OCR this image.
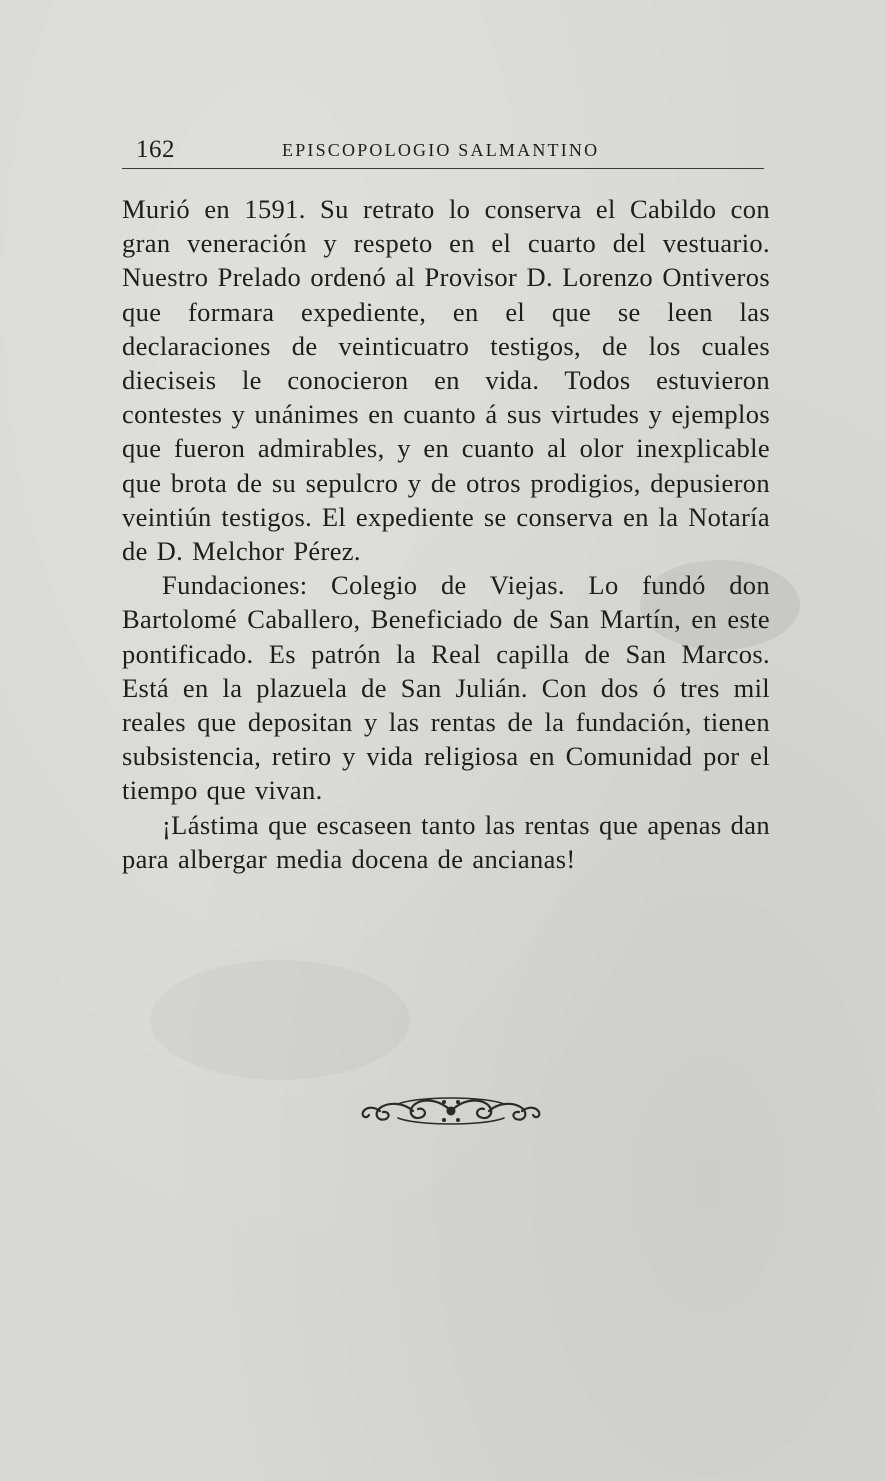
162	EPISCOPOLOGIO SALMANTINO

Murió en 1591. Su retrato lo conserva el Cabildo con gran veneración y respeto en el cuarto del vestuario. Nuestro Prelado ordenó al Provisor D. Lorenzo Ontiveros que formara expediente, en el que se leen las declaraciones de veinticuatro testigos, de los cuales dieciseis le conocieron en vida. Todos estuvieron contestes y unánimes en cuanto á sus virtudes y ejemplos que fueron admirables, y en cuanto al olor inexplicable que brota de su sepulcro y de otros prodigios, depusieron veintiún testigos. El expediente se conserva en la Notaría de D. Melchor Pérez.

Fundaciones: Colegio de Viejas. Lo fundó don Bartolomé Caballero, Beneficiado de San Martín, en este pontificado. Es patrón la Real capilla de San Marcos. Está en la plazuela de San Julián. Con dos ó tres mil reales que depositan y las rentas de la fundación, tienen subsistencia, retiro y vida religiosa en Comunidad por el tiempo que vivan.

¡Lástima que escaseen tanto las rentas que apenas dan para albergar media docena de ancianas!
